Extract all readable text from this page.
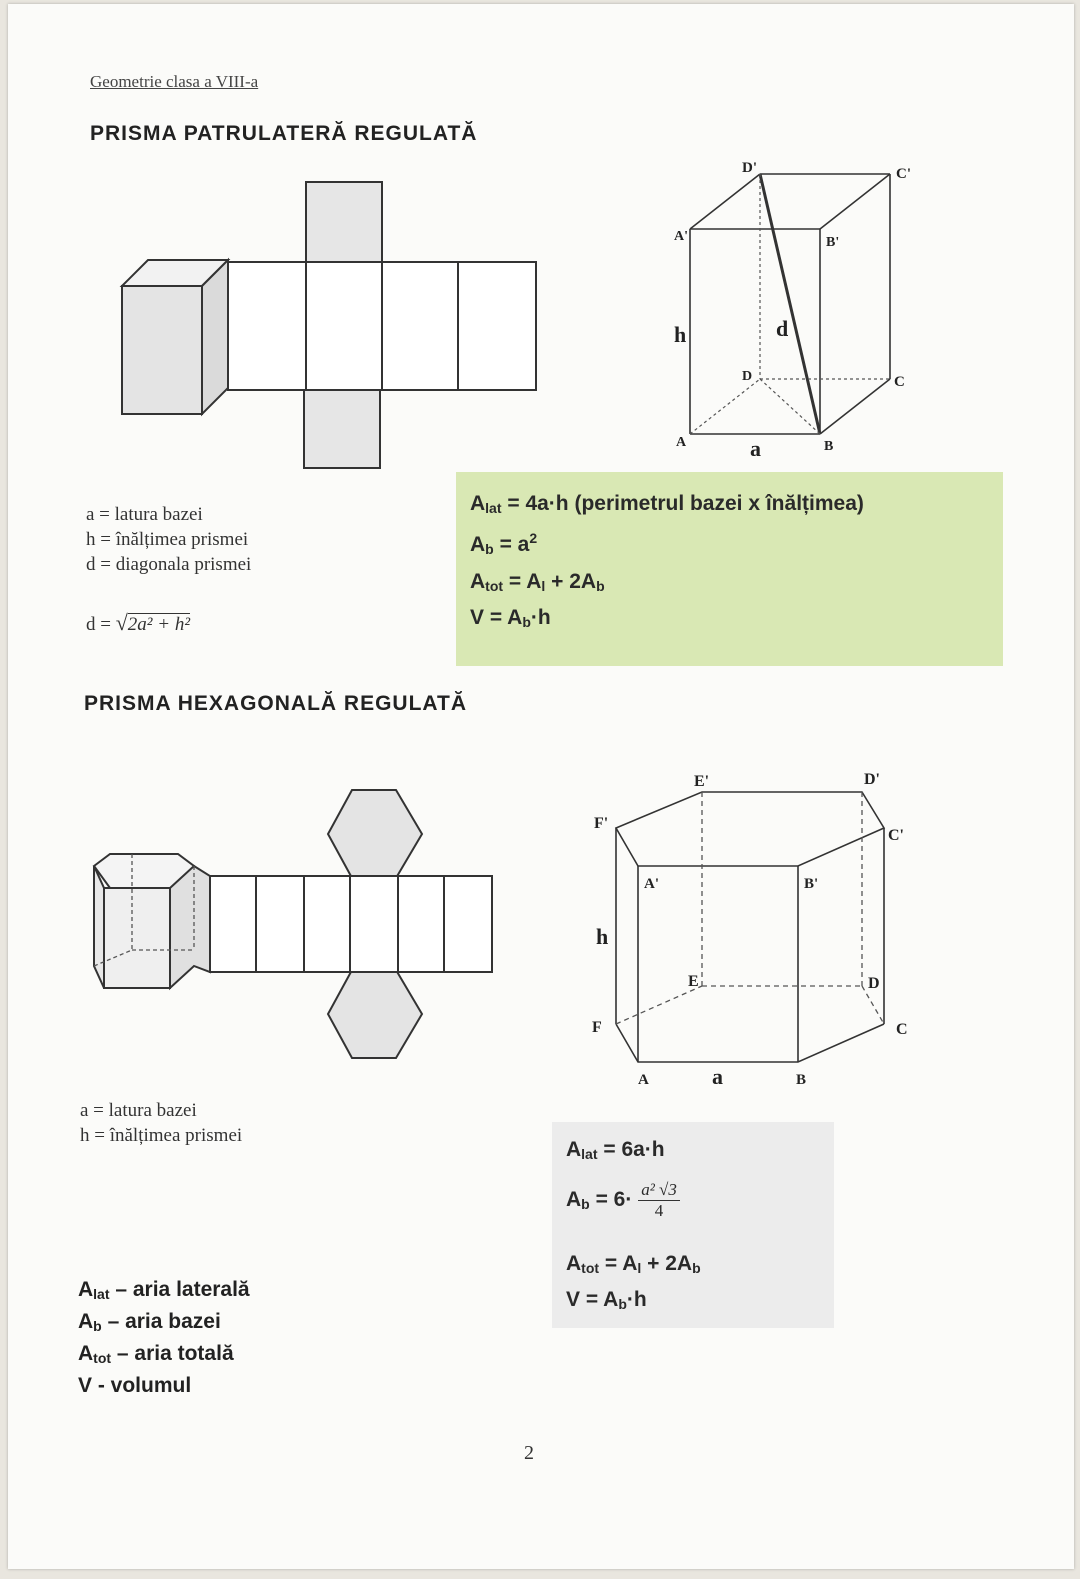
Geometrie clasa a VIII-a
PRISMA PATRULATERĂ REGULATĂ
D'	C'
A'	B'
D	C
A	B
h	d
a
a = latura bazei
h = înălțimea prismei
d = diagonala prismei
d = √2a² + h²
$A_{lat} = 4a\cdot h$ (perimetrul bazei x înălțimea)
$A_b = a^2$
$A_{tot} = A_l + 2A_b$
$V = A_b\cdot h$
PRISMA HEXAGONALĂ REGULATĂ
E'	D'
F'
C'
A'	B'
E	D
F	C
A	B
h
a
a = latura bazei
h = înălțimea prismei
$A_{lat} = 6a\cdot h$
$A_b = 6\cdot \frac{\text{a² √3}}{4}$
$A_{tot} = A_l + 2A_b$
$V = A_b\cdot h$
$A_{lat}$ – aria laterală
$A_b$ – aria bazei
$A_{tot}$ – aria totală
V - volumul
2
